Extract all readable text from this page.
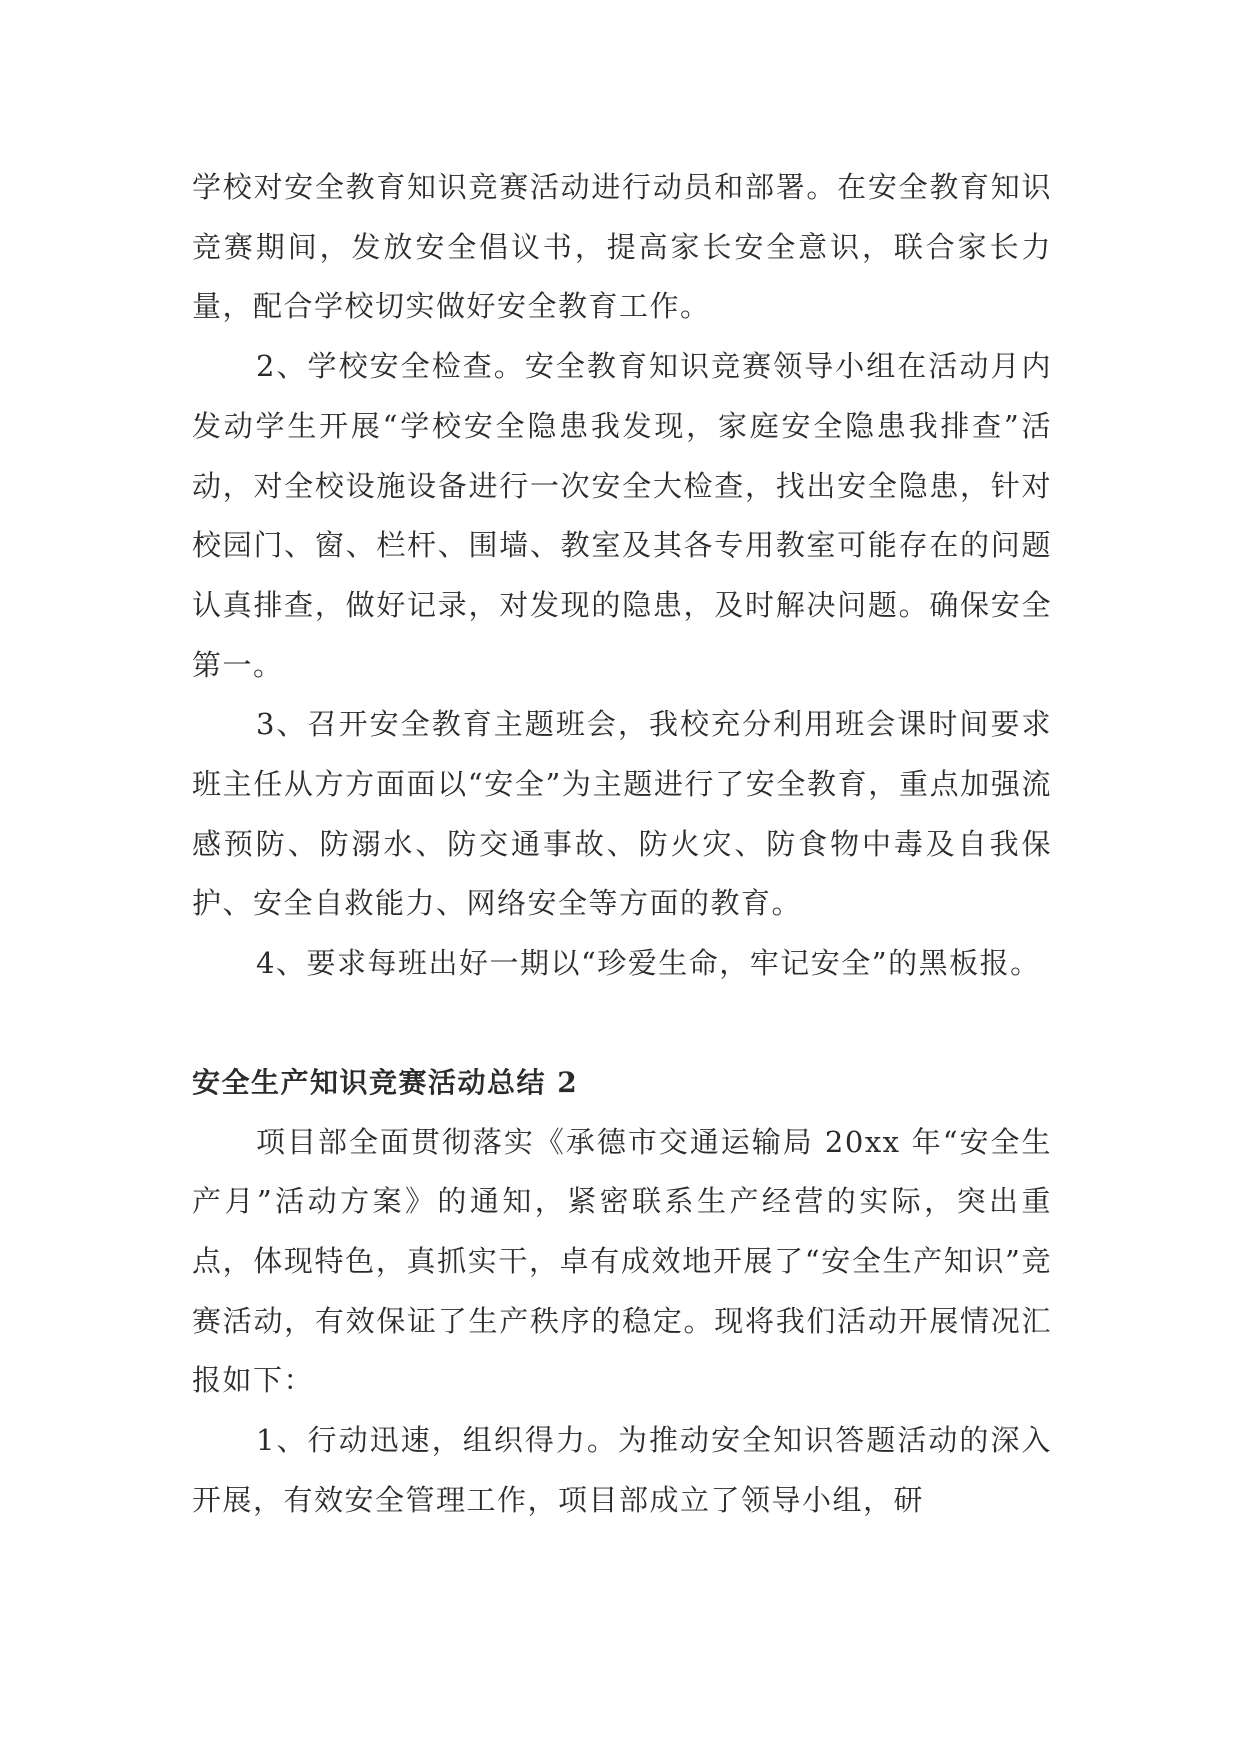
学校对安全教育知识竞赛活动进行动员和部署。在安全教育知识竞赛期间，发放安全倡议书，提高家长安全意识，联合家长力量，配合学校切实做好安全教育工作。

2、学校安全检查。安全教育知识竞赛领导小组在活动月内发动学生开展“学校安全隐患我发现，家庭安全隐患我排查”活动，对全校设施设备进行一次安全大检查，找出安全隐患，针对校园门、窗、栏杆、围墙、教室及其各专用教室可能存在的问题认真排查，做好记录，对发现的隐患，及时解决问题。确保安全第一。

3、召开安全教育主题班会，我校充分利用班会课时间要求班主任从方方面面以“安全”为主题进行了安全教育，重点加强流感预防、防溺水、防交通事故、防火灾、防食物中毒及自我保护、安全自救能力、网络安全等方面的教育。

4、要求每班出好一期以“珍爱生命，牢记安全”的黑板报。

安全生产知识竞赛活动总结 2

项目部全面贯彻落实《承德市交通运输局 20xx 年“安全生产月”活动方案》的通知，紧密联系生产经营的实际，突出重点，体现特色，真抓实干，卓有成效地开展了“安全生产知识”竞赛活动，有效保证了生产秩序的稳定。现将我们活动开展情况汇报如下：

1、行动迅速，组织得力。为推动安全知识答题活动的深入开展，有效安全管理工作，项目部成立了领导小组，研
